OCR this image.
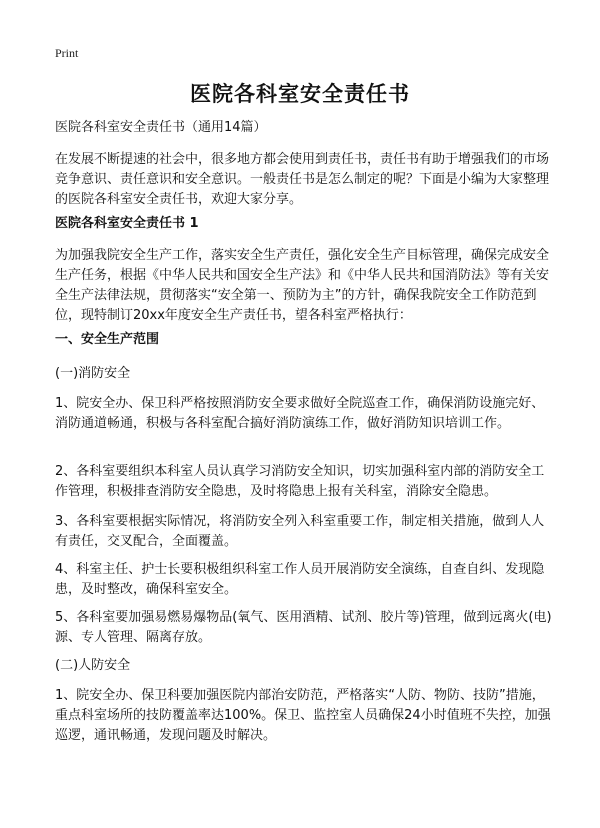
Print
医院各科室安全责任书
医院各科室安全责任书（通用14篇）
在发展不断提速的社会中，很多地方都会使用到责任书，责任书有助于增强我们的市场竞争意识、责任意识和安全意识。一般责任书是怎么制定的呢？下面是小编为大家整理的医院各科室安全责任书，欢迎大家分享。
医院各科室安全责任书 1
为加强我院安全生产工作，落实安全生产责任，强化安全生产目标管理，确保完成安全生产任务，根据《中华人民共和国安全生产法》和《中华人民共和国消防法》等有关安全生产法律法规，贯彻落实“安全第一、预防为主”的方针，确保我院安全工作防范到位，现特制订20xx年度安全生产责任书，望各科室严格执行：
一、安全生产范围
(一)消防安全
1、院安全办、保卫科严格按照消防安全要求做好全院巡查工作，确保消防设施完好、消防通道畅通，积极与各科室配合搞好消防演练工作，做好消防知识培训工作。
2、各科室要组织本科室人员认真学习消防安全知识，切实加强科室内部的消防安全工作管理，积极排查消防安全隐患，及时将隐患上报有关科室，消除安全隐患。
3、各科室要根据实际情况，将消防安全列入科室重要工作，制定相关措施，做到人人有责任，交叉配合，全面覆盖。
4、科室主任、护士长要积极组织科室工作人员开展消防安全演练，自查自纠、发现隐患，及时整改，确保科室安全。
5、各科室要加强易燃易爆物品(氧气、医用酒精、试剂、胶片等)管理，做到远离火(电)源、专人管理、隔离存放。
(二)人防安全
1、院安全办、保卫科要加强医院内部治安防范，严格落实“人防、物防、技防”措施，重点科室场所的技防覆盖率达100%。保卫、监控室人员确保24小时值班不失控，加强巡逻，通讯畅通，发现问题及时解决。
